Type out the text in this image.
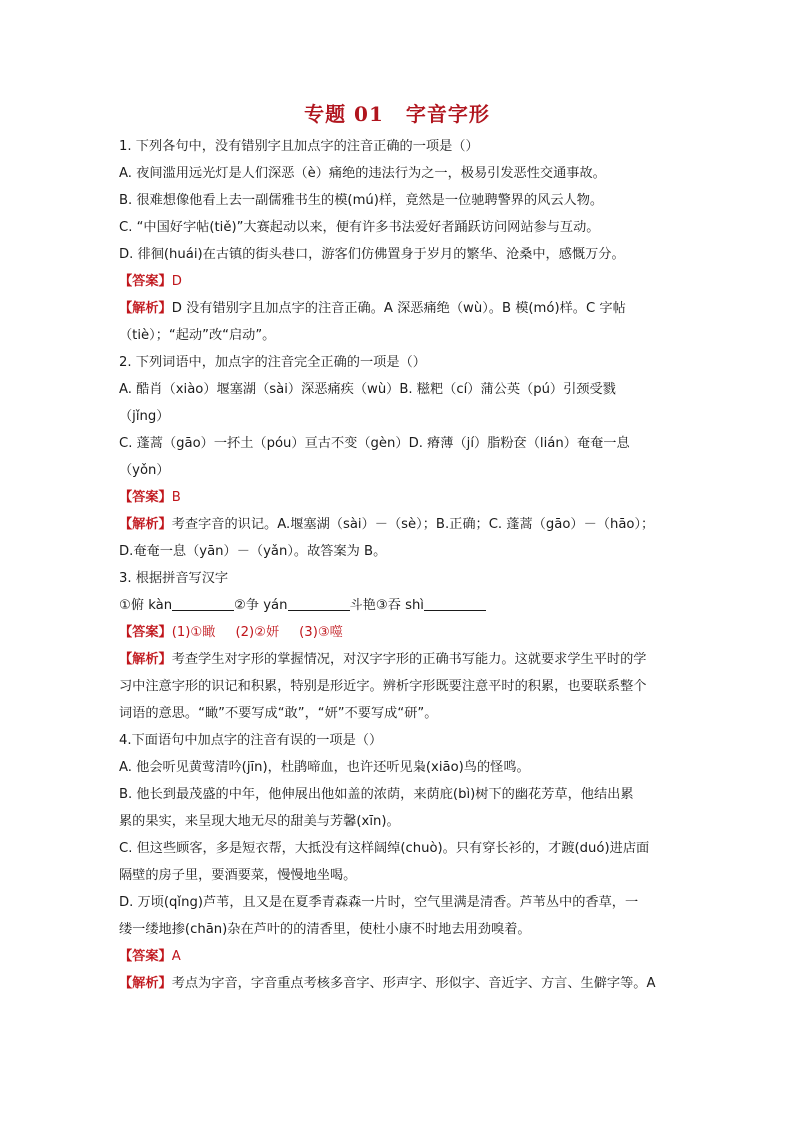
专题 01 字音字形
1. 下列各句中，没有错别字且加点字的注音正确的一项是（）
A. 夜间滥用远光灯是人们深恶（è）痛绝的违法行为之一，极易引发恶性交通事故。
B. 很难想像他看上去一副儒雅书生的模(mú)样，竟然是一位驰聘警界的风云人物。
C. “中国好字帖(tiě)”大赛起动以来，便有许多书法爱好者踊跃访问网站参与互动。
D. 徘徊(huái)在古镇的街头巷口，游客们仿佛置身于岁月的繁华、沧桑中，感慨万分。
【答案】D
【解析】D 没有错别字且加点字的注音正确。A 深恶痛绝（wù）。B 模(mó)样。C 字帖
（tiè）；“起动”改“启动”。
2. 下列词语中，加点字的注音完全正确的一项是（）
A. 酷肖（xiào）堰塞湖（sài）深恶痛疾（wù）B. 糍粑（cí）蒲公英（pú）引颈受戮
（jǐng）
C. 蓬蒿（gāo）一抔土（póu）亘古不变（gèn）D. 瘠薄（jí）脂粉奁（lián）奄奄一息
（yǒn）
【答案】B
【解析】考查字音的识记。A.堰塞湖（sài）－（sè）；B.正确；C. 蓬蒿（gāo）－（hāo）；
D.奄奄一息（yān）－（yǎn）。故答案为 B。
3. 根据拼音写汉字
①俯 kàn	②争 yán	斗艳③吞 shì
【答案】(1)①瞰 (2)②妍 (3)③噬
【解析】考查学生对字形的掌握情况，对汉字字形的正确书写能力。这就要求学生平时的学
习中注意字形的识记和积累，特别是形近字。辨析字形既要注意平时的积累，也要联系整个
词语的意思。“瞰”不要写成“敢”，“妍”不要写成“研”。
4.下面语句中加点字的注音有误的一项是（）
A. 他会听见黄莺清吟(jīn)，杜鹃啼血，也许还听见枭(xiāo)鸟的怪鸣。
B. 他长到最茂盛的中年，他伸展出他如盖的浓荫，来荫庇(bì)树下的幽花芳草，他结出累
累的果实，来呈现大地无尽的甜美与芳馨(xīn)。
C. 但这些顾客，多是短衣帮，大抵没有这样阔绰(chuò)。只有穿长衫的，才踱(duó)进店面
隔壁的房子里，要酒要菜，慢慢地坐喝。
D. 万顷(qǐng)芦苇，且又是在夏季青森森一片时，空气里满是清香。芦苇丛中的香草，一
缕一缕地掺(chān)杂在芦叶的的清香里，使杜小康不时地去用劲嗅着。
【答案】A
【解析】考点为字音，字音重点考核多音字、形声字、形似字、音近字、方言、生僻字等。A
